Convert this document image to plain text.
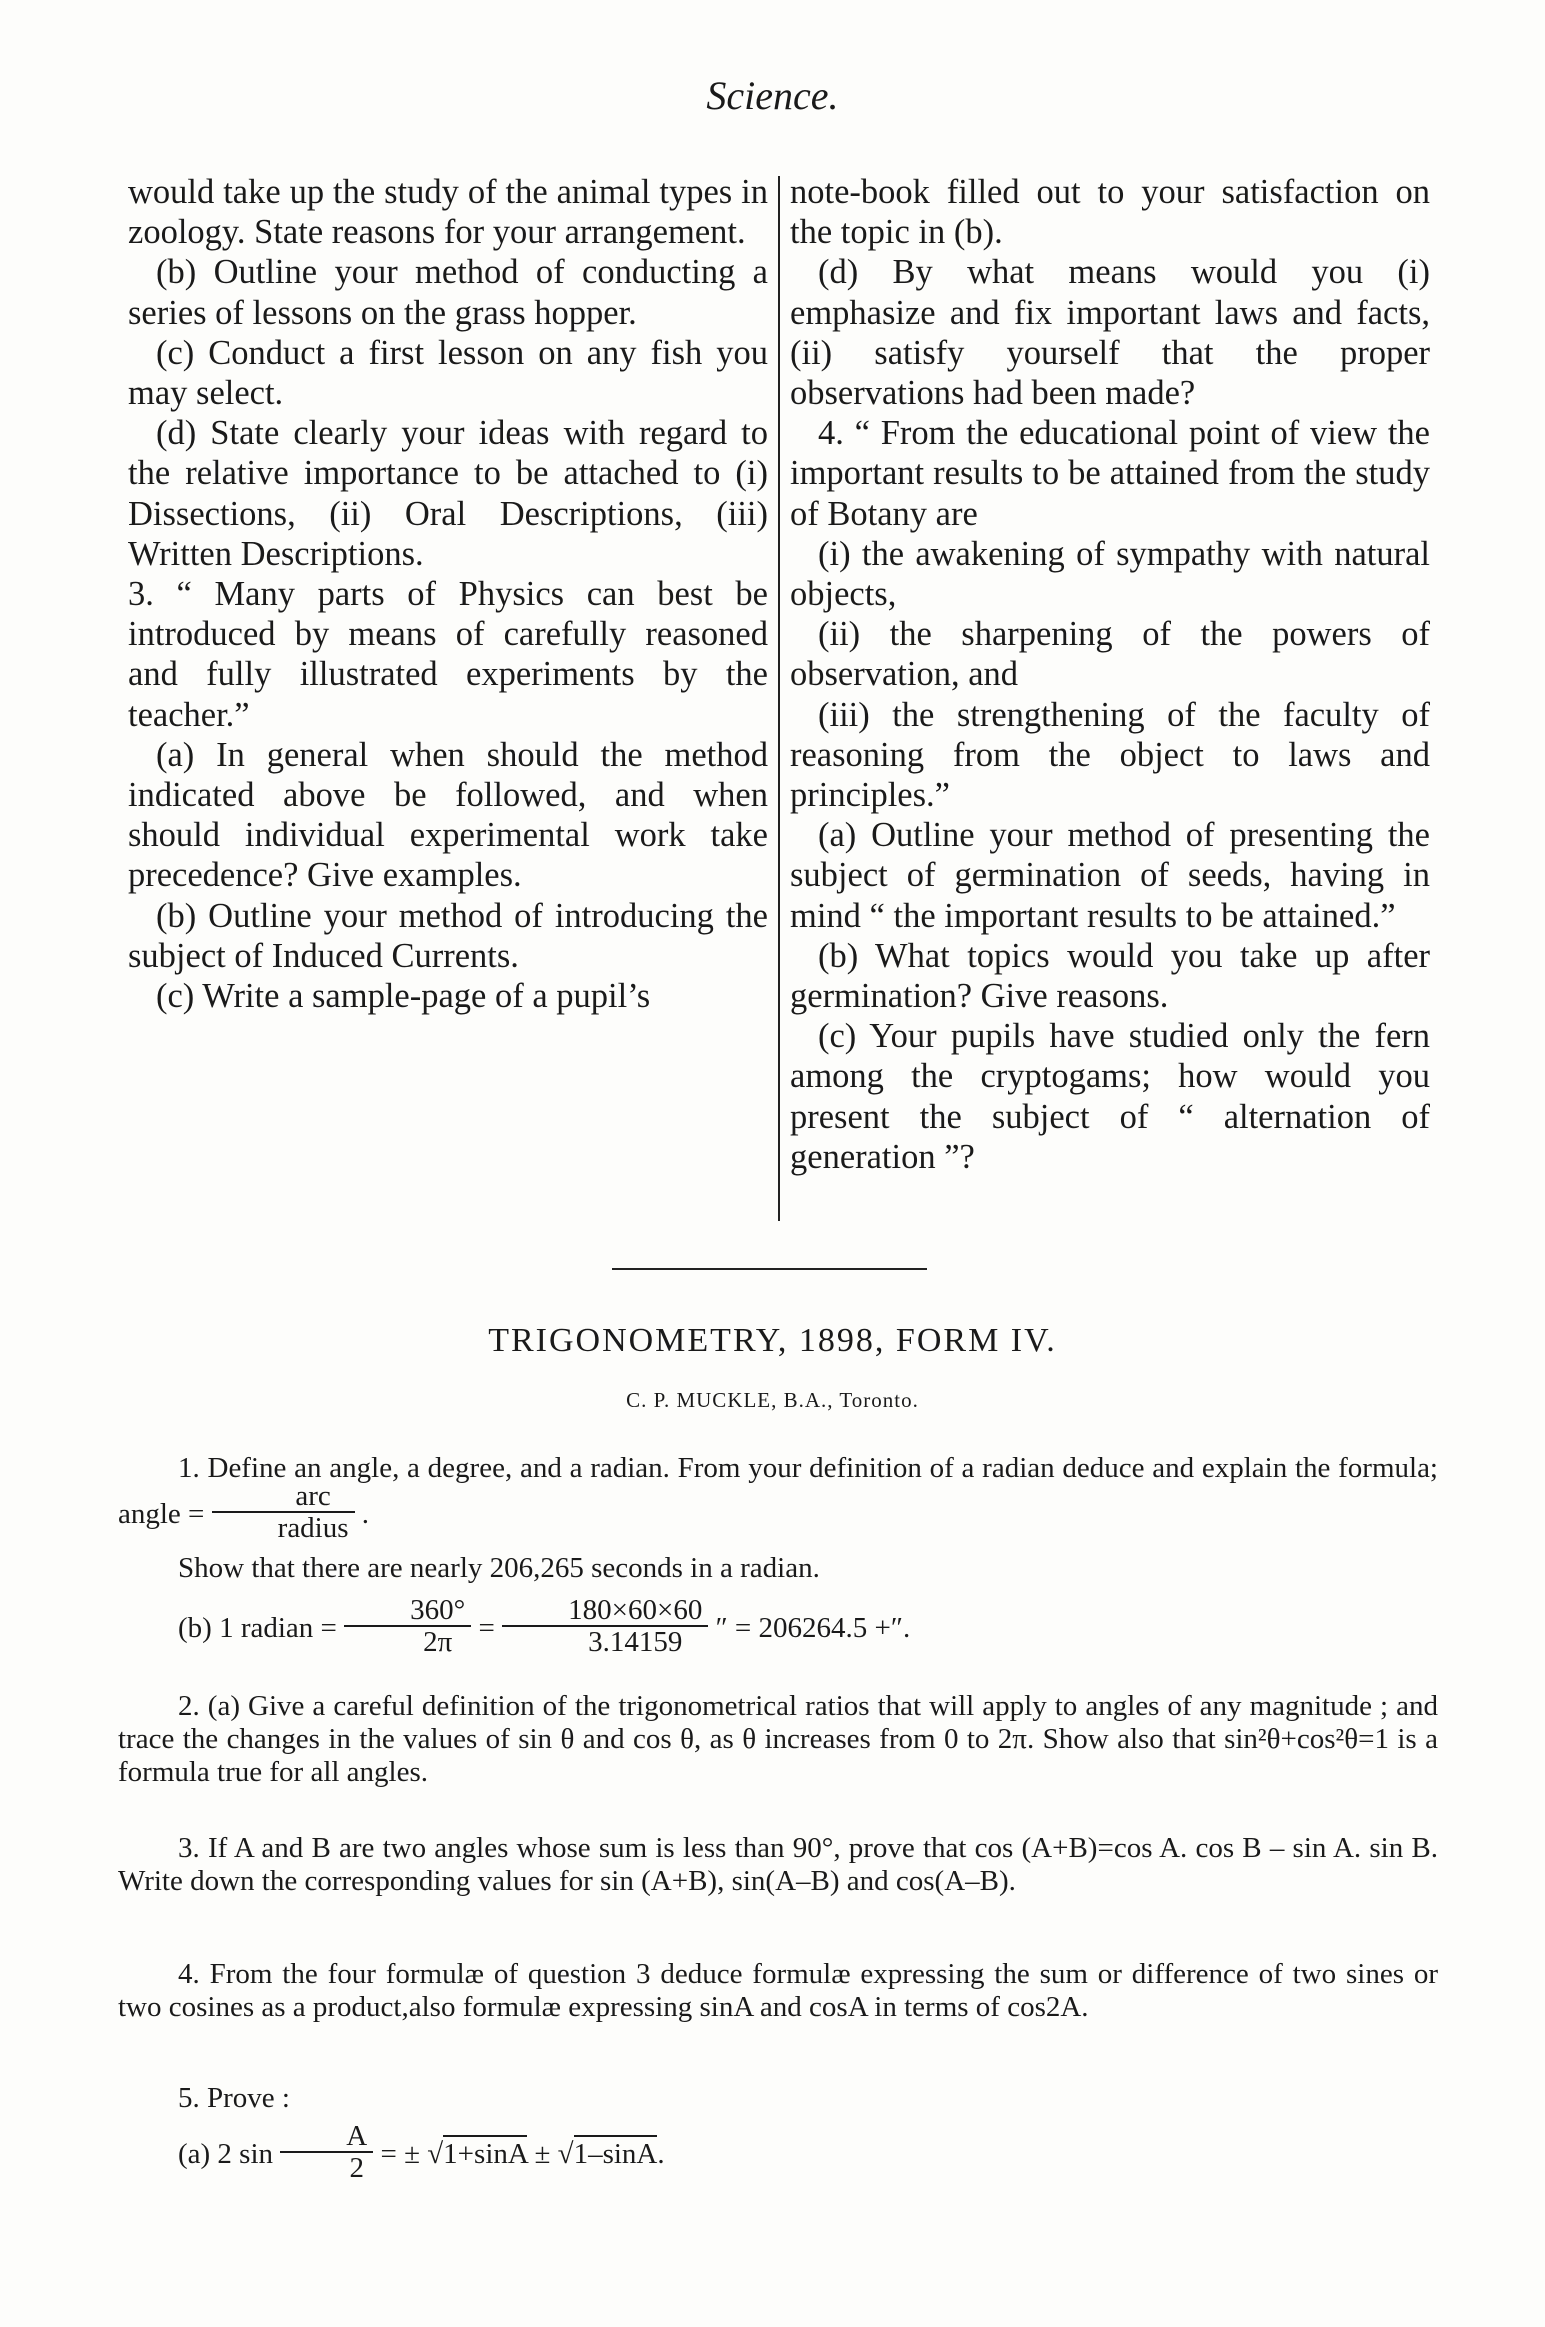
Science.

would take up the study of the animal types in zoology. State reasons for your arrangement.

(b) Outline your method of conducting a series of lessons on the grass hopper.

(c) Conduct a first lesson on any fish you may select.

(d) State clearly your ideas with regard to the relative importance to be attached to (i) Dissections, (ii) Oral Descriptions, (iii) Written Descriptions.

3. “ Many parts of Physics can best be introduced by means of carefully reasoned and fully illustrated experiments by the teacher.”

(a) In general when should the method indicated above be followed, and when should individual experimental work take precedence? Give examples.

(b) Outline your method of introducing the subject of Induced Currents.

(c) Write a sample-page of a pupil’s

note-book filled out to your satisfaction on the topic in (b).

(d) By what means would you (i) emphasize and fix important laws and facts, (ii) satisfy yourself that the proper observations had been made?

4. “ From the educational point of view the important results to be attained from the study of Botany are

(i) the awakening of sympathy with natural objects,

(ii) the sharpening of the powers of observation, and

(iii) the strengthening of the faculty of reasoning from the object to laws and principles.”

(a) Outline your method of presenting the subject of germination of seeds, having in mind “ the important results to be attained.”

(b) What topics would you take up after germination? Give reasons.

(c) Your pupils have studied only the fern among the cryptogams; how would you present the subject of “ alternation of generation ”?

TRIGONOMETRY, 1898, FORM IV.
C. P. MUCKLE, B.A., Toronto.

1. Define an angle, a degree, and a radian. From your definition of a radian deduce and explain the formula; angle = $\frac{\text{arc}}{\text{radius}}$ .

Show that there are nearly 206,265 seconds in a radian.

(b) 1 radian = $\frac{360^\circ}{2\pi} = \frac{180\times 60\times 60}{3.14159}$ ″ = 206264.5 +″.

2. (a) Give a careful definition of the trigonometrical ratios that will apply to angles of any magnitude ; and trace the changes in the values of sin θ and cos θ, as θ increases from 0 to 2π. Show also that sin²θ+cos²θ=1 is a formula true for all angles.

3. If A and B are two angles whose sum is less than 90°, prove that cos (A+B)=cos A. cos B – sin A. sin B. Write down the corresponding values for sin (A+B), sin(A–B) and cos(A–B).

4. From the four formulæ of question 3 deduce formulæ expressing the sum or difference of two sines or two cosines as a product,also formulæ expressing sinA and cosA in terms of cos2A.

5. Prove :

(a) 2 $\sin \frac{A}{2}$ = ± √1+sinA ± √1–sinA.
